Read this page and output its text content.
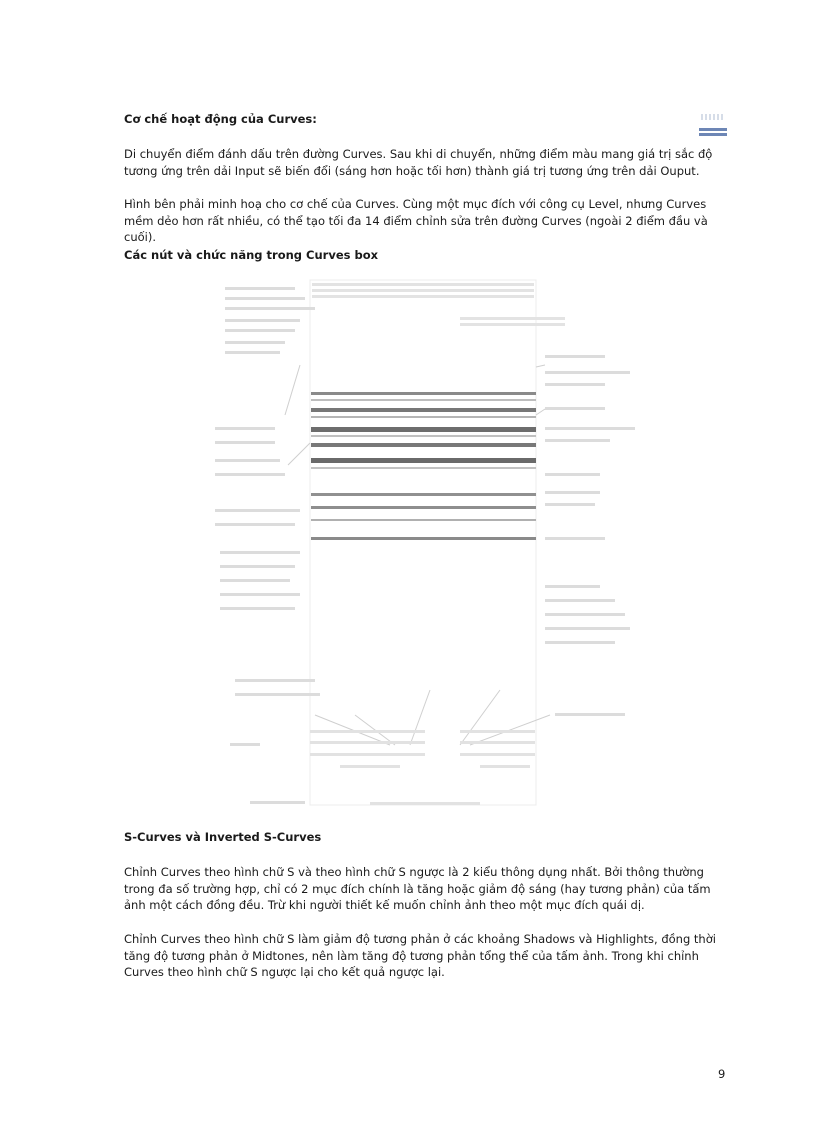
Cơ chế hoạt động của Curves:

Di chuyển điểm đánh dấu trên đường Curves. Sau khi di chuyển, những điểm màu mang giá trị sắc độ tương ứng trên dải Input sẽ biến đổi (sáng hơn hoặc tối hơn) thành giá trị tương ứng trên dải Ouput.

Hình bên phải minh hoạ cho cơ chế của Curves. Cùng một mục đích với công cụ Level, nhưng Curves mềm dẻo hơn rất nhiều, có thể tạo tối đa 14 điểm chỉnh sửa trên đường Curves (ngoài 2 điểm đầu và cuối).

Các nút và chức năng trong Curves box

S-Curves và Inverted S-Curves

Chỉnh Curves theo hình chữ S và theo hình chữ S ngược là 2 kiểu thông dụng nhất. Bởi thông thường trong đa số trường hợp, chỉ có 2 mục đích chính là tăng hoặc giảm độ sáng (hay tương phản) của tấm ảnh một cách đồng đều. Trừ khi người thiết kế muốn chỉnh ảnh theo một mục đích quái dị.

Chỉnh Curves theo hình chữ S làm giảm độ tương phản ở các khoảng Shadows và Highlights, đồng thời tăng độ tương phản ở Midtones, nên làm tăng độ tương phản tổng thể của tấm ảnh. Trong khi chỉnh Curves theo hình chữ S ngược lại cho kết quả ngược lại.

9
